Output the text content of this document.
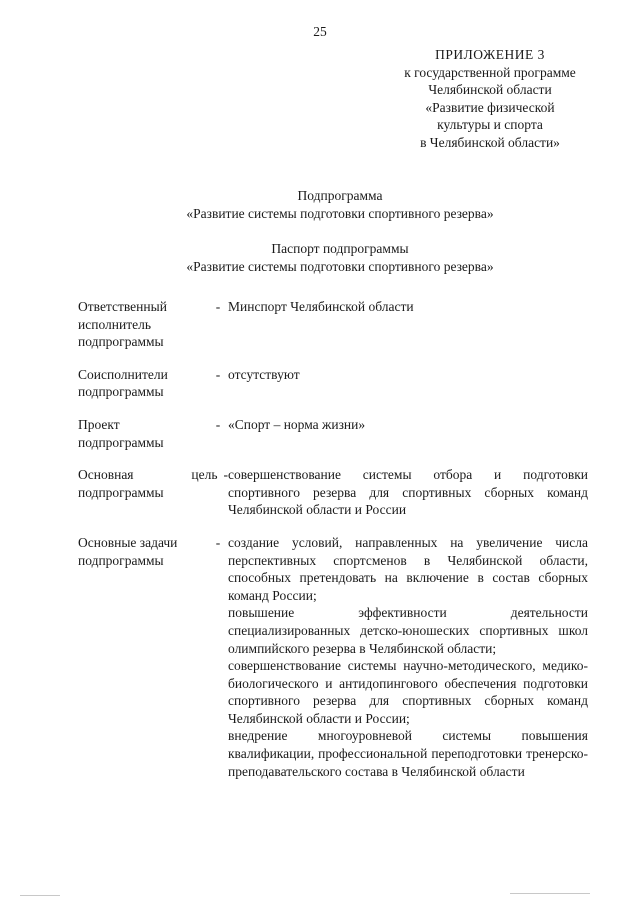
25
ПРИЛОЖЕНИЕ 3
к государственной программе
Челябинской области
«Развитие физической
культуры и спорта
в Челябинской области»
Подпрограмма
«Развитие системы подготовки спортивного резерва»
Паспорт подпрограммы
«Развитие системы подготовки спортивного резерва»
Ответственный
исполнитель
подпрограммы
- Минспорт Челябинской области

Соисполнители
подпрограммы
- отсутствуют

Проект
подпрограммы
- «Спорт – норма жизни»

Основная	цель -
подпрограммы

совершенствование системы отбора и подготовки спортивного резерва для спортивных сборных команд Челябинской области и России

Основные задачи
подпрограммы
- создание условий, направленных на увеличение числа перспективных спортсменов в Челябинской области, способных претендовать на включение в состав сборных команд России;

повышение эффективности деятельности специализированных детско-юношеских спортивных школ олимпийского резерва в Челябинской области;

совершенствование системы научно-методического, медико-биологического и антидопингового обеспечения подготовки спортивного резерва для спортивных сборных команд Челябинской области и России;

внедрение многоуровневой системы повышения квалификации, профессиональной переподготовки тренерско-преподавательского состава в Челябинской области
